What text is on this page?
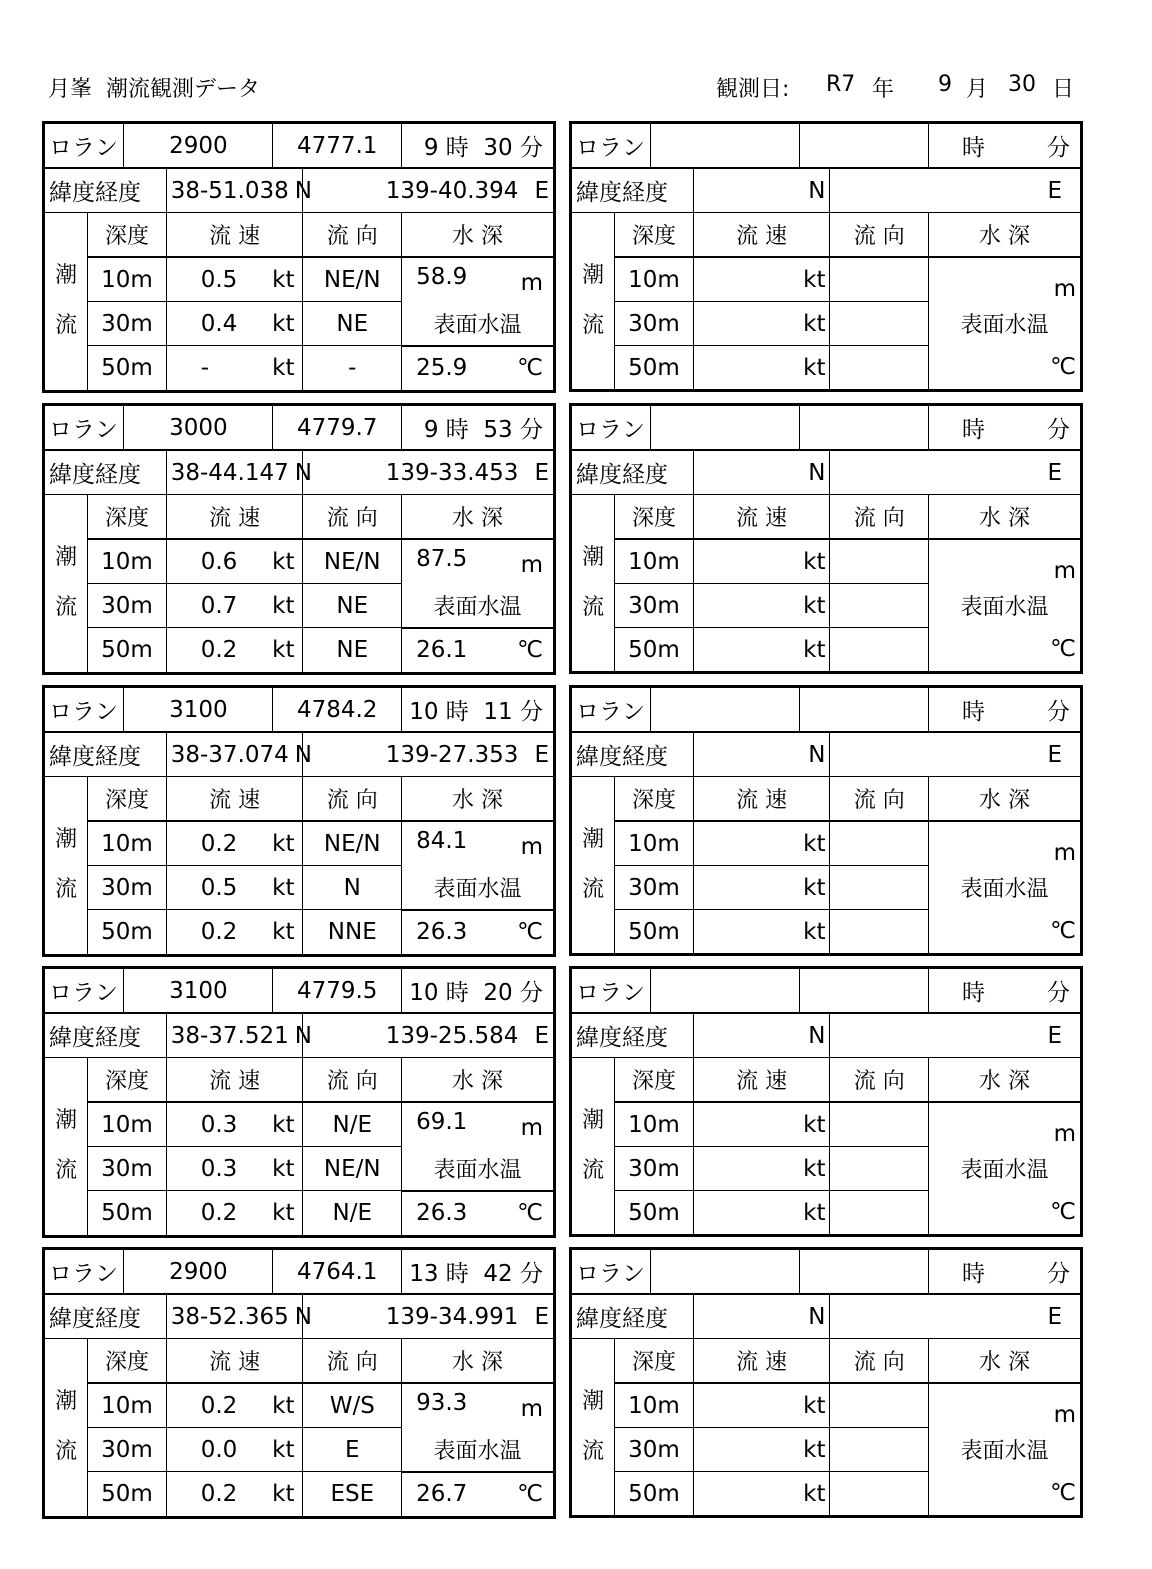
月峯  潮流観測データ

	観測日:

R7

年

9

月

30

日

ロラン		2900		4777.1		9 時 30 分
緯度経度			38-51.038 N		139-40.394 E	

潮
流	深度		流 速		流 向	水 深
	10m		0.5 kt		NE/N	58.9 m

	30m		0.4 kt		NE	表面水温
	50m		- kt		-	25.9 ℃
ロラン		3000		4779.7		9 時 53 分
緯度経度			38-44.147 N		139-33.453 E	

潮
流	深度		流 速		流 向	水 深
	10m		0.6 kt		NE/N	87.5 m

	30m		0.7 kt		NE	表面水温
	50m		0.2 kt		NE	26.1 ℃
ロラン		3100		4784.2		10 時 11 分
緯度経度			38-37.074 N		139-27.353 E	

潮
流	深度		流 速		流 向	水 深
	10m		0.2 kt		NE/N	84.1 m

	30m		0.5 kt		N	表面水温
	50m		0.2 kt		NNE	26.3 ℃
ロラン		3100		4779.5		10 時 20 分
緯度経度			38-37.521 N		139-25.584 E	

潮
流	深度		流 速		流 向	水 深
	10m		0.3 kt		N/E	69.1 m

	30m		0.3 kt		NE/N	表面水温
	50m		0.2 kt		N/E	26.3 ℃
ロラン		2900		4764.1		13 時 42 分
緯度経度			38-52.365 N		139-34.991 E	

潮
流	深度		流 速		流 向	水 深
	10m		0.2 kt		W/S	93.3 m

	30m		0.0 kt		E	表面水温
	50m		0.2 kt		ESE	26.7 ℃
ロラン						時 分
緯度経度			N		E	

潮
流	深度		流 速		流 向	水 深
	10m		kt			m
	30m		kt			表面水温
	50m		kt			℃
ロラン						時 分
緯度経度			N		E	

潮
流	深度		流 速		流 向	水 深
	10m		kt			m
	30m		kt			表面水温
	50m		kt			℃
ロラン						時 分
緯度経度			N		E	

潮
流	深度		流 速		流 向	水 深
	10m		kt			m
	30m		kt			表面水温
	50m		kt			℃
ロラン						時 分
緯度経度			N		E	

潮
流	深度		流 速		流 向	水 深
	10m		kt			m
	30m		kt			表面水温
	50m		kt			℃
ロラン						時 分
緯度経度			N		E	

潮
流	深度		流 速		流 向	水 深
	10m		kt			m
	30m		kt			表面水温
	50m		kt			℃
